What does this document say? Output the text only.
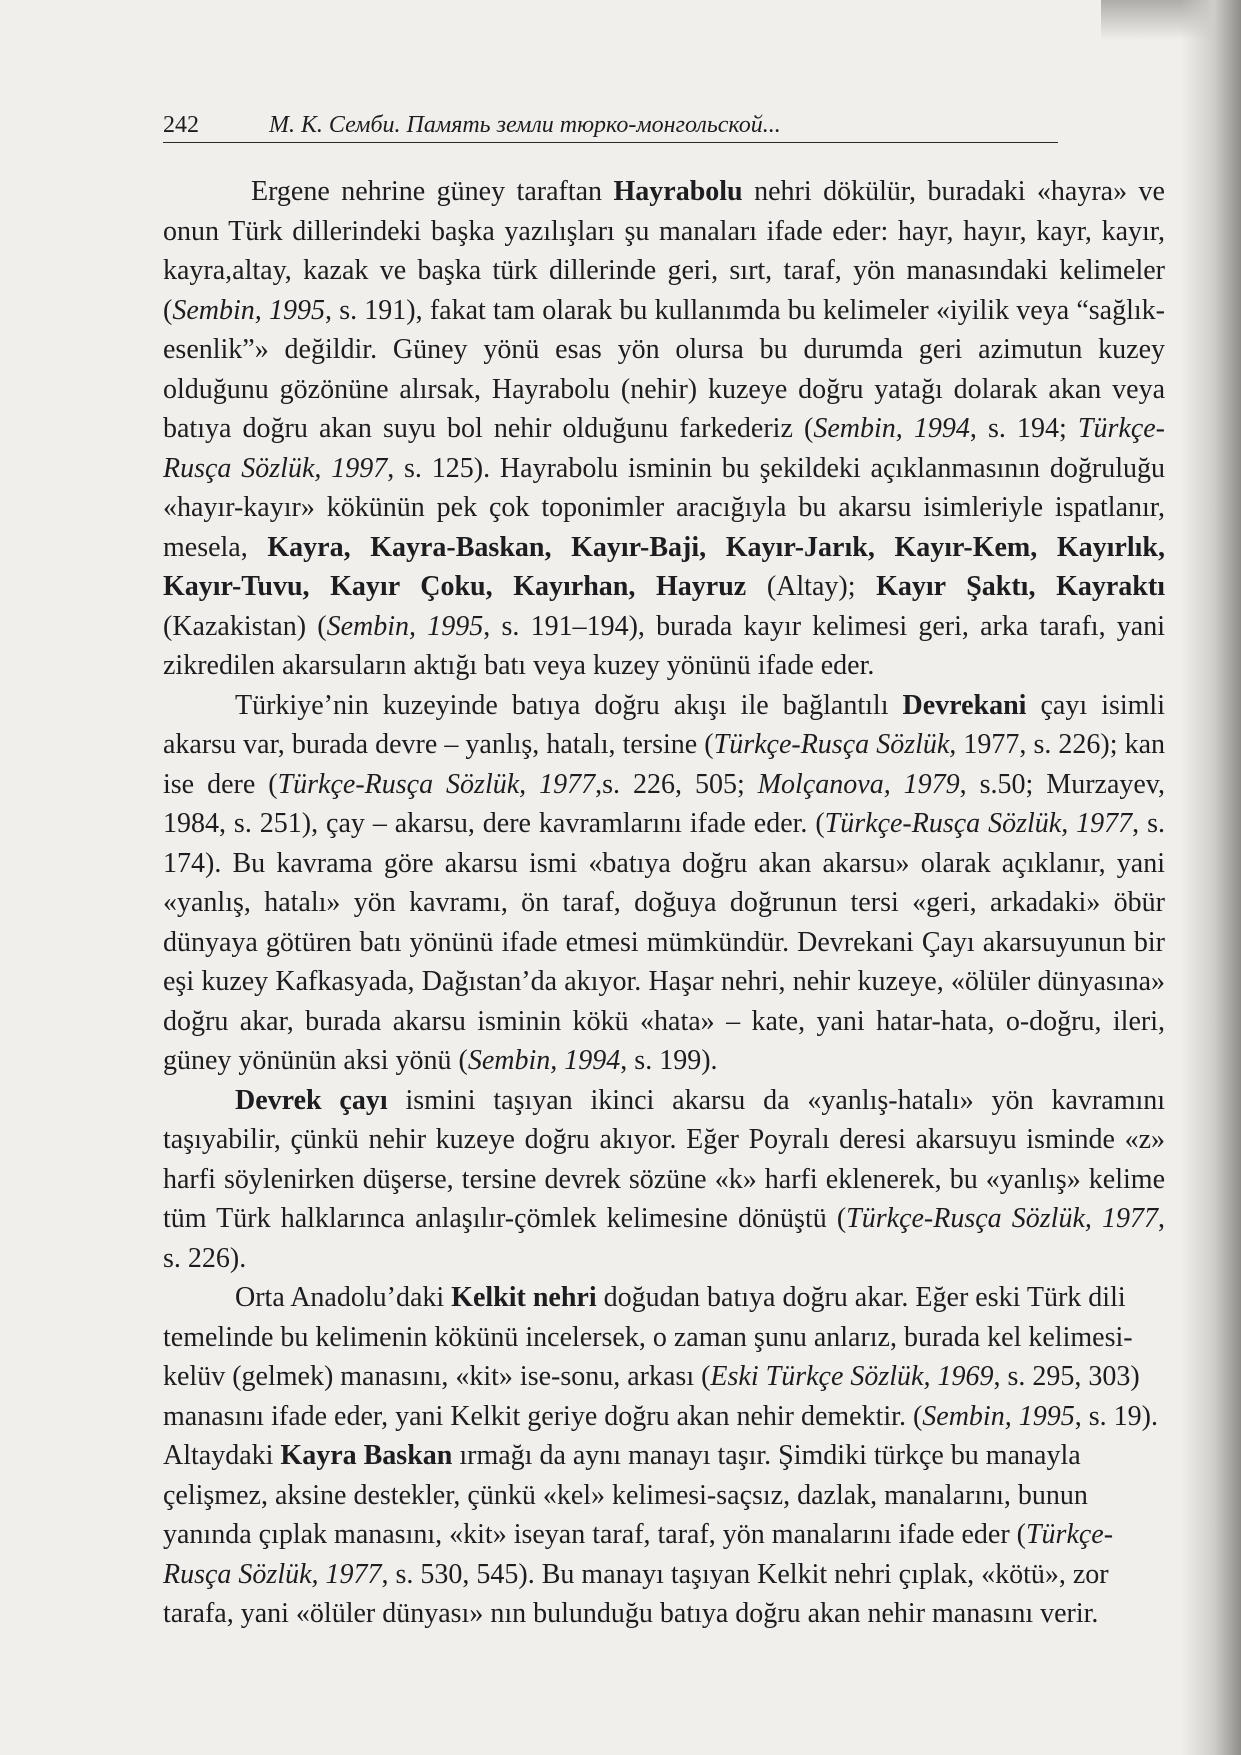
242	М. К. Сембu. Память земли тюрко-монгольской...

Ergene nehrine güney taraftan Hayrabolu nehri dökülür, buradaki «hayra» ve onun Türk dillerindeki başka yazılışları şu manaları ifade eder: hayr, hayır, kayr, kayır, kayra,altay, kazak ve başka türk dillerinde geri, sırt, taraf, yön manasındaki kelimeler (Sembin, 1995, s. 191), fakat tam olarak bu kullanımda bu kelimeler «iyilik veya “sağlık-esenlik”» değildir. Güney yönü esas yön olursa bu durumda geri azimutun kuzey olduğunu gözönüne alırsak, Hayrabolu (nehir) kuzeye doğru yatağı dolarak akan veya batıya doğru akan suyu bol nehir olduğunu farkederiz (Sembin, 1994, s. 194; Türkçe-Rusça Sözlük, 1997, s. 125). Hayrabolu isminin bu şekildeki açıklanmasının doğruluğu «hayır-kayır» kökünün pek çok toponimler aracığıyla bu akarsu isimleriyle ispatlanır, mesela, Kayra, Kayra-Baskan, Kayır-Baji, Kayır-Jarık, Kayır-Kem, Kayırlık, Kayır-Tuvu, Kayır Çoku, Kayırhan, Hayruz (Altay); Kayır Şaktı, Kayraktı (Kazakistan) (Sembin, 1995, s. 191–194), burada kayır kelimesi geri, arka tarafı, yani zikredilen akarsuların aktığı batı veya kuzey yönünü ifade eder.

Türkiye’nin kuzeyinde batıya doğru akışı ile bağlantılı Devrekani çayı isimli akarsu var, burada devre – yanlış, hatalı, tersine (Türkçe-Rusça Sözlük, 1977, s. 226); kan ise dere (Türkçe-Rusça Sözlük, 1977,s. 226, 505; Molçanova, 1979, s.50; Murzayev, 1984, s. 251), çay – akarsu, dere kavramlarını ifade eder. (Türkçe-Rusça Sözlük, 1977, s. 174). Bu kavrama göre akarsu ismi «batıya doğru akan akarsu» olarak açıklanır, yani «yanlış, hatalı» yön kavramı, ön taraf, doğuya doğrunun tersi «geri, arkadaki» öbür dünyaya götüren batı yönünü ifade etmesi mümkündür. Devrekani Çayı akarsuyunun bir eşi kuzey Kafkasyada, Dağıstan’da akıyor. Haşar nehri, nehir kuzeye, «ölüler dünyasına» doğru akar, burada akarsu isminin kökü «hata» – kate, yani hatar-hata, o-doğru, ileri, güney yönünün aksi yönü (Sembin, 1994, s. 199).

Devrek çayı ismini taşıyan ikinci akarsu da «yanlış-hatalı» yön kavramını taşıyabilir, çünkü nehir kuzeye doğru akıyor. Eğer Poyralı deresi akarsuyu isminde «z» harfi söylenirken düşerse, tersine devrek sözüne «k» harfi eklenerek, bu «yanlış» kelime tüm Türk halklarınca anlaşılır-çömlek kelimesine dönüştü (Türkçe-Rusça Sözlük, 1977, s. 226).

Orta Anadolu’daki Kelkit nehri doğudan batıya doğru akar. Eğer eski Türk dili temelinde bu kelimenin kökünü incelersek, o zaman şunu anlarız, burada kel kelimesi-kelüv (gelmek) manasını, «kit» ise-sonu, arkası (Eski Türkçe Sözlük, 1969, s. 295, 303) manasını ifade eder, yani Kelkit geriye doğru akan nehir demektir. (Sembin, 1995, s. 19). Altaydaki Kayra Baskan ırmağı da aynı manayı taşır. Şimdiki türkçe bu manayla çelişmez, aksine destekler, çünkü «kel» kelimesi-saçsız, dazlak, manalarını, bunun yanında çıplak manasını, «kit» iseyan taraf, taraf, yön manalarını ifade eder (Türkçe-Rusça Sözlük, 1977, s. 530, 545). Bu manayı taşıyan Kelkit nehri çıplak, «kötü», zor tarafa, yani «ölüler dünyası» nın bulunduğu batıya doğru akan nehir manasını verir.
